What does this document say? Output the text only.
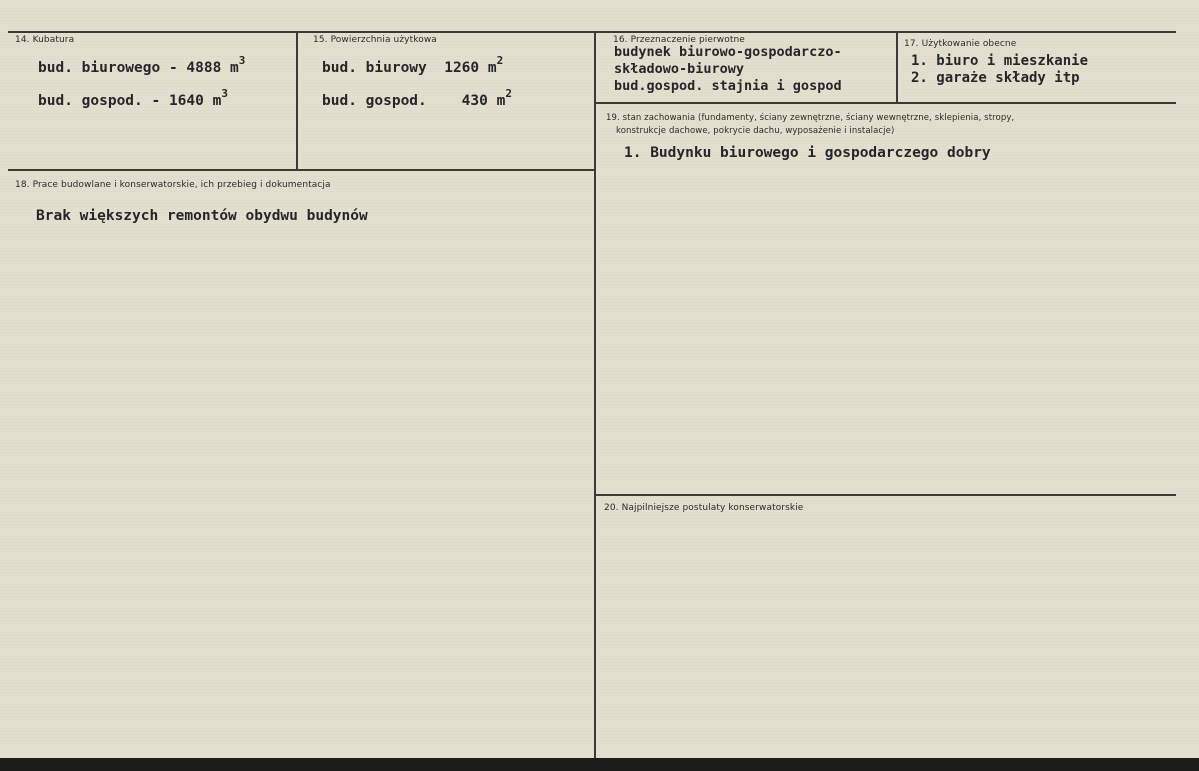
14. Kubatura
bud. biurowego - 4888 $m^3$
bud. gospod. - 1640 $m^3$
15. Powierzchnia użytkowa
bud. biurowy  1260 $m^2$
bud. gospod.    430 $m^2$
16. Przeznaczenie pierwotne
budynek biurowo-gospodarczo-
składowo-biurowy
bud.gospod. stajnia i gospod
17. Użytkowanie obecne
1. biuro i mieszkanie
2. garaże składy itp
18. Prace budowlane i konserwatorskie, ich przebieg i dokumentacja
Brak większych remontów obydwu budynów
19. stan zachowania (fundamenty, ściany zewnętrzne, ściany wewnętrzne, sklepienia, stropy,
konstrukcje dachowe, pokrycie dachu, wyposażenie i instalacje)
1. Budynku biurowego i gospodarczego dobry
20. Najpilniejsze postulaty konserwatorskie
